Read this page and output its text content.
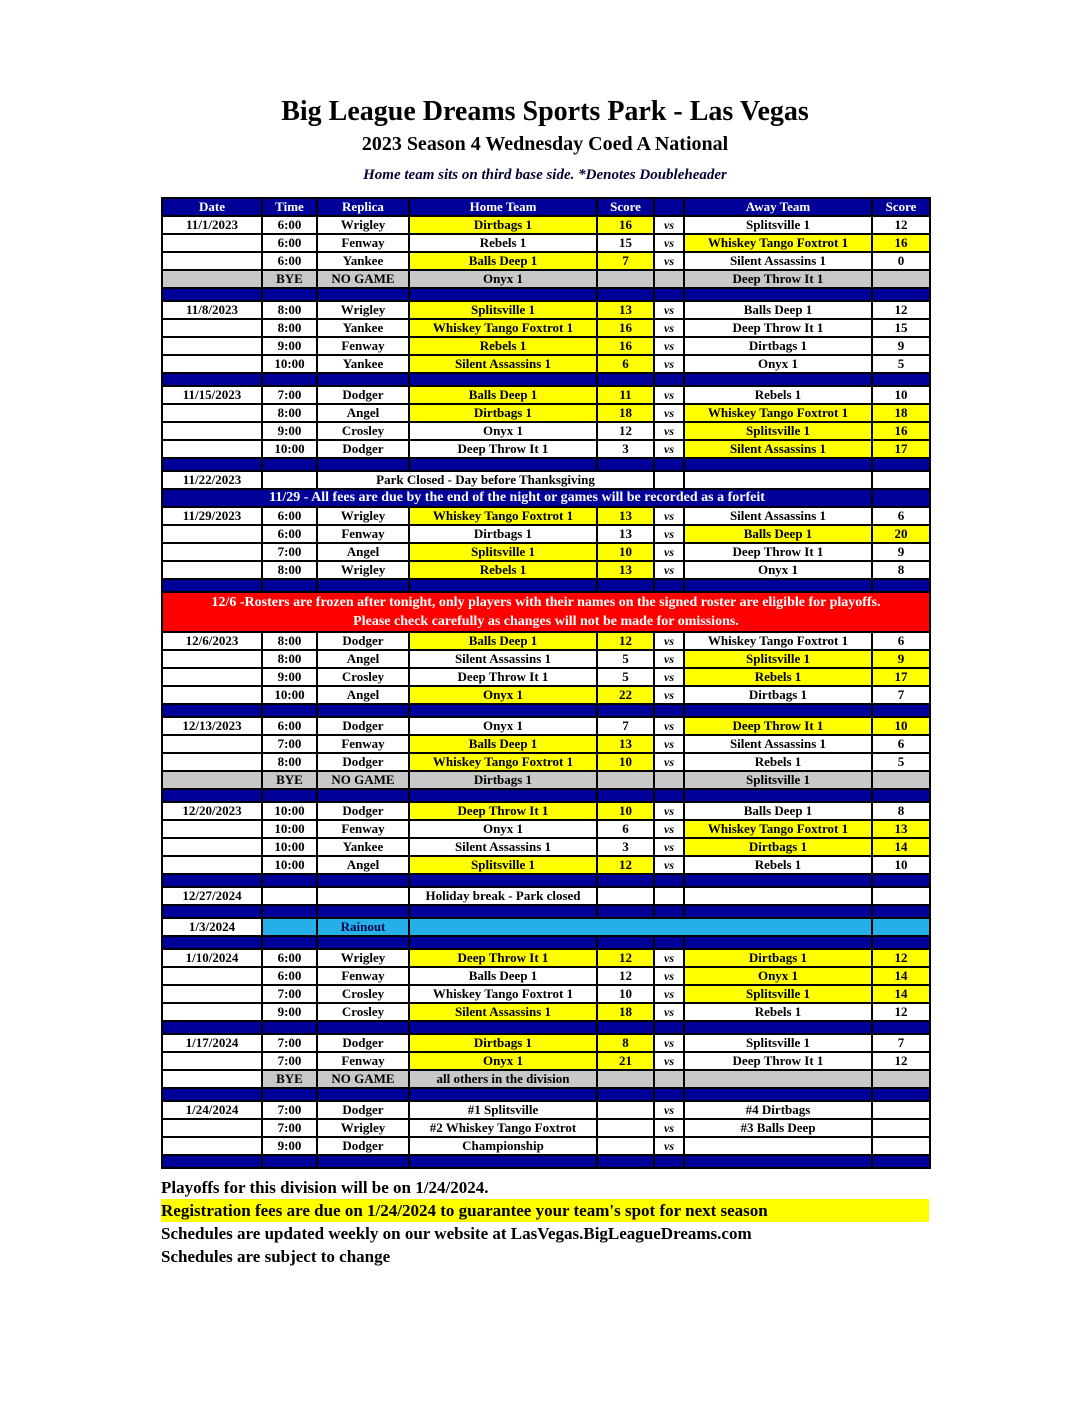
Big League Dreams Sports Park - Las Vegas
2023 Season 4 Wednesday Coed A National
Home team sits on third base side. *Denotes Doubleheader
Date	Time	Replica	Home Team	Score		Away Team	Score
11/1/2023	6:00	Wrigley	Dirtbags 1	16	vs	Splitsville 1	12
	6:00	Fenway	Rebels 1	15	vs	Whiskey Tango Foxtrot 1	16
	6:00	Yankee	Balls Deep 1	7	vs	Silent Assassins 1	0
	BYE	NO GAME	Onyx 1			Deep Throw It 1	

11/8/2023	8:00	Wrigley	Splitsville 1	13	vs	Balls Deep 1	12
	8:00	Yankee	Whiskey Tango Foxtrot 1	16	vs	Deep Throw It 1	15
	9:00	Fenway	Rebels 1	16	vs	Dirtbags 1	9
	10:00	Yankee	Silent Assassins 1	6	vs	Onyx 1	5

11/15/2023	7:00	Dodger	Balls Deep 1	11	vs	Rebels 1	10
	8:00	Angel	Dirtbags 1	18	vs	Whiskey Tango Foxtrot 1	18
	9:00	Crosley	Onyx 1	12	vs	Splitsville 1	16
	10:00	Dodger	Deep Throw It 1	3	vs	Silent Assassins 1	17

11/22/2023		Park Closed - Day before Thanksgiving					
11/29 - All fees are due by the end of the night or games will be recorded as a forfeit							
11/29/2023	6:00	Wrigley	Whiskey Tango Foxtrot 1	13	vs	Silent Assassins 1	6
	6:00	Fenway	Dirtbags 1	13	vs	Balls Deep 1	20
	7:00	Angel	Splitsville 1	10	vs	Deep Throw It 1	9
	8:00	Wrigley	Rebels 1	13	vs	Onyx 1	8

12/6 -Rosters are frozen after tonight, only players with their names on the signed roster are eligible for playoffs.
Please check carefully as changes will not be made for omissions.							

12/6/2023	8:00	Dodger	Balls Deep 1	12	vs	Whiskey Tango Foxtrot 1	6
	8:00	Angel	Silent Assassins 1	5	vs	Splitsville 1	9
	9:00	Crosley	Deep Throw It 1	5	vs	Rebels 1	17
	10:00	Angel	Onyx 1	22	vs	Dirtbags 1	7

12/13/2023	6:00	Dodger	Onyx 1	7	vs	Deep Throw It 1	10
	7:00	Fenway	Balls Deep 1	13	vs	Silent Assassins 1	6
	8:00	Dodger	Whiskey Tango Foxtrot 1	10	vs	Rebels 1	5
	BYE	NO GAME	Dirtbags 1			Splitsville 1	

12/20/2023	10:00	Dodger	Deep Throw It 1	10	vs	Balls Deep 1	8
	10:00	Fenway	Onyx 1	6	vs	Whiskey Tango Foxtrot 1	13
	10:00	Yankee	Silent Assassins 1	3	vs	Dirtbags 1	14
	10:00	Angel	Splitsville 1	12	vs	Rebels 1	10

12/27/2024			Holiday break - Park closed				

1/3/2024		Rainout					

1/10/2024	6:00	Wrigley	Deep Throw It 1	12	vs	Dirtbags 1	12
	6:00	Fenway	Balls Deep 1	12	vs	Onyx 1	14
	7:00	Crosley	Whiskey Tango Foxtrot 1	10	vs	Splitsville 1	14
	9:00	Crosley	Silent Assassins 1	18	vs	Rebels 1	12

1/17/2024	7:00	Dodger	Dirtbags 1	8	vs	Splitsville 1	7
	7:00	Fenway	Onyx 1	21	vs	Deep Throw It 1	12
	BYE	NO GAME	all others in the division				

1/24/2024	7:00	Dodger	#1 Splitsville		vs	#4 Dirtbags	
	7:00	Wrigley	#2 Whiskey Tango Foxtrot		vs	#3 Balls Deep	
	9:00	Dodger	Championship		vs		

Playoffs for this division will be on 1/24/2024.
Registration fees are due on 1/24/2024 to guarantee your team's spot for next season
Schedules are updated weekly on our website at LasVegas.BigLeagueDreams.com
Schedules are subject to change
